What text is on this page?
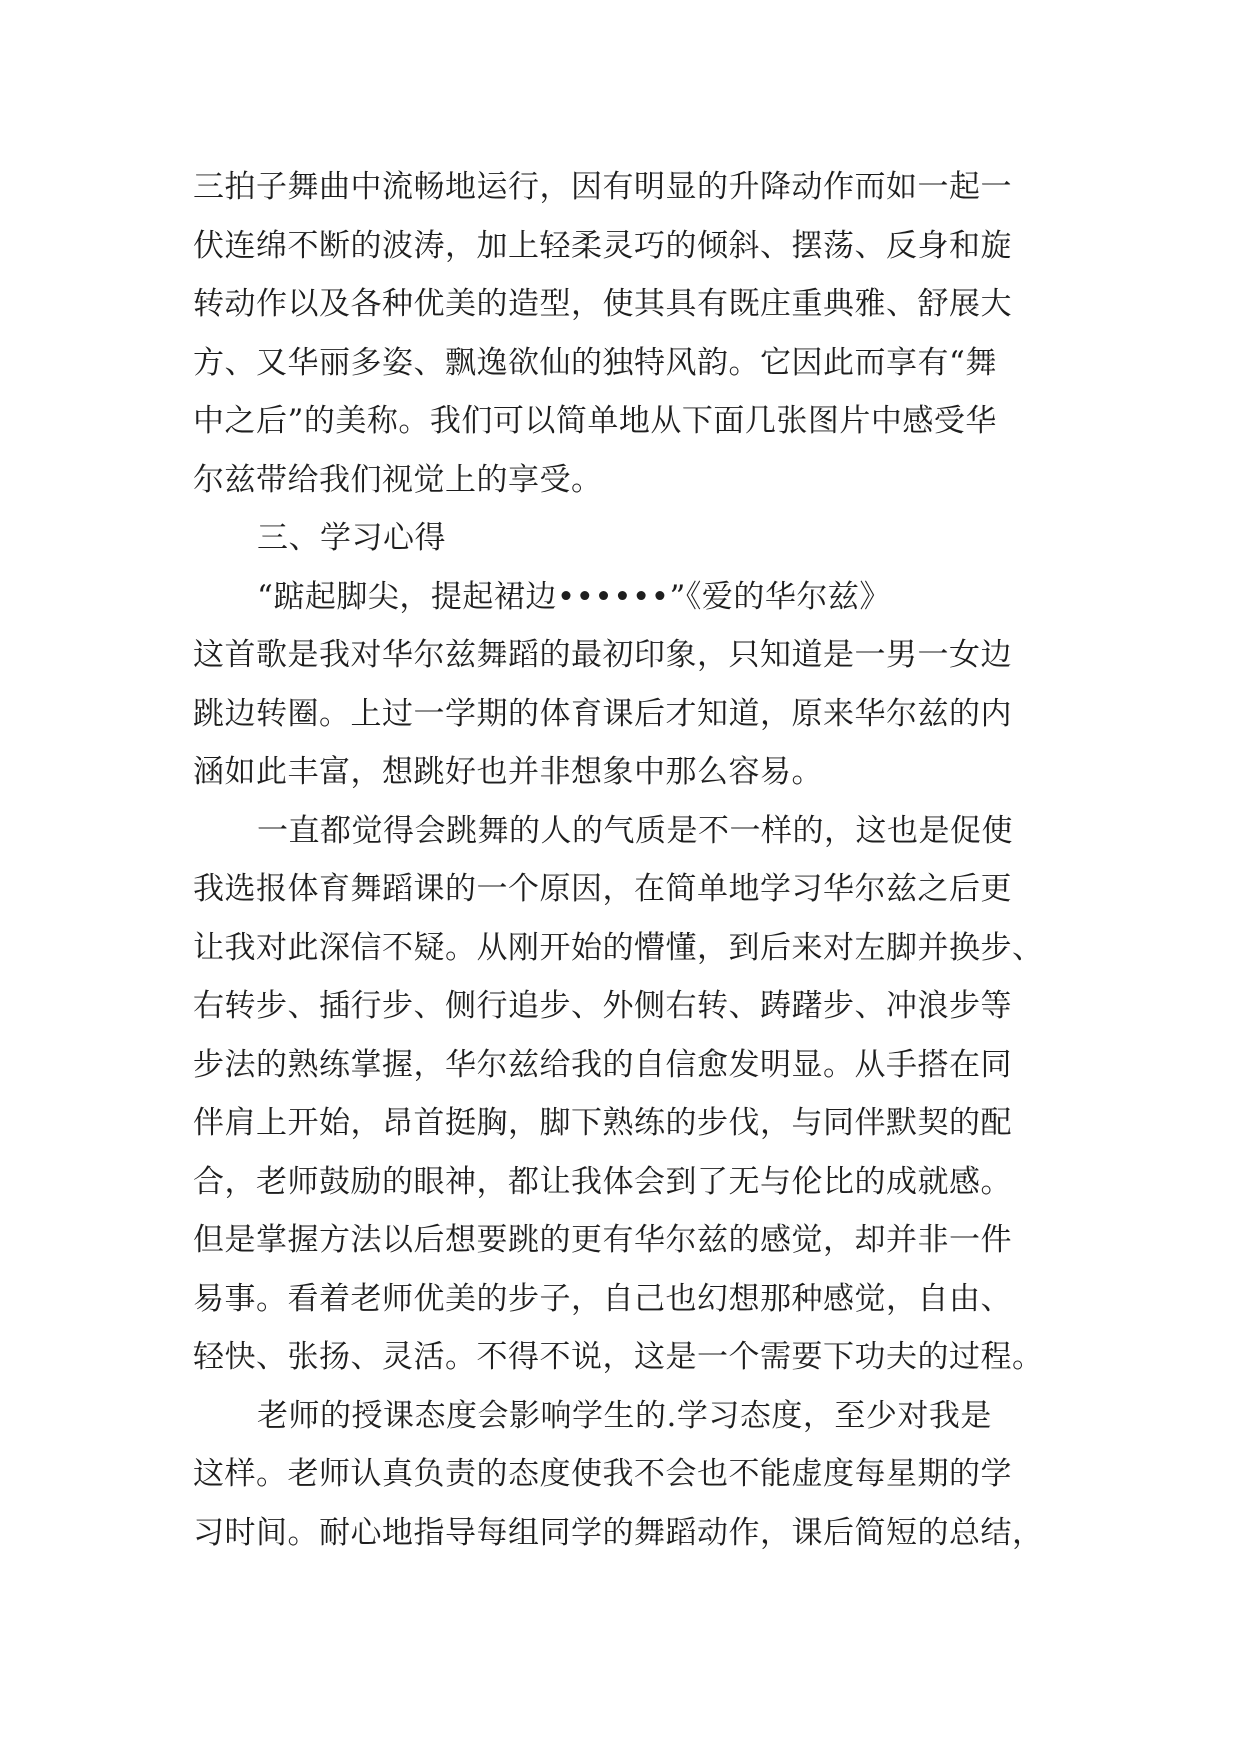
三拍子舞曲中流畅地运行，因有明显的升降动作而如一起一
伏连绵不断的波涛，加上轻柔灵巧的倾斜、摆荡、反身和旋
转动作以及各种优美的造型，使其具有既庄重典雅、舒展大
方、又华丽多姿、飘逸欲仙的独特风韵。它因此而享有“舞
中之后”的美称。我们可以简单地从下面几张图片中感受华
尔兹带给我们视觉上的享受。
三、学习心得
“踮起脚尖，提起裙边••••••”《爱的华尔兹》
这首歌是我对华尔兹舞蹈的最初印象，只知道是一男一女边
跳边转圈。上过一学期的体育课后才知道，原来华尔兹的内
涵如此丰富，想跳好也并非想象中那么容易。
一直都觉得会跳舞的人的气质是不一样的，这也是促使
我选报体育舞蹈课的一个原因，在简单地学习华尔兹之后更
让我对此深信不疑。从刚开始的懵懂，到后来对左脚并换步、
右转步、插行步、侧行追步、外侧右转、踌躇步、冲浪步等
步法的熟练掌握，华尔兹给我的自信愈发明显。从手搭在同
伴肩上开始，昂首挺胸，脚下熟练的步伐，与同伴默契的配
合，老师鼓励的眼神，都让我体会到了无与伦比的成就感。
但是掌握方法以后想要跳的更有华尔兹的感觉，却并非一件
易事。看着老师优美的步子，自己也幻想那种感觉，自由、
轻快、张扬、灵活。不得不说，这是一个需要下功夫的过程。
老师的授课态度会影响学生的.学习态度，至少对我是
这样。老师认真负责的态度使我不会也不能虚度每星期的学
习时间。耐心地指导每组同学的舞蹈动作，课后简短的总结，
